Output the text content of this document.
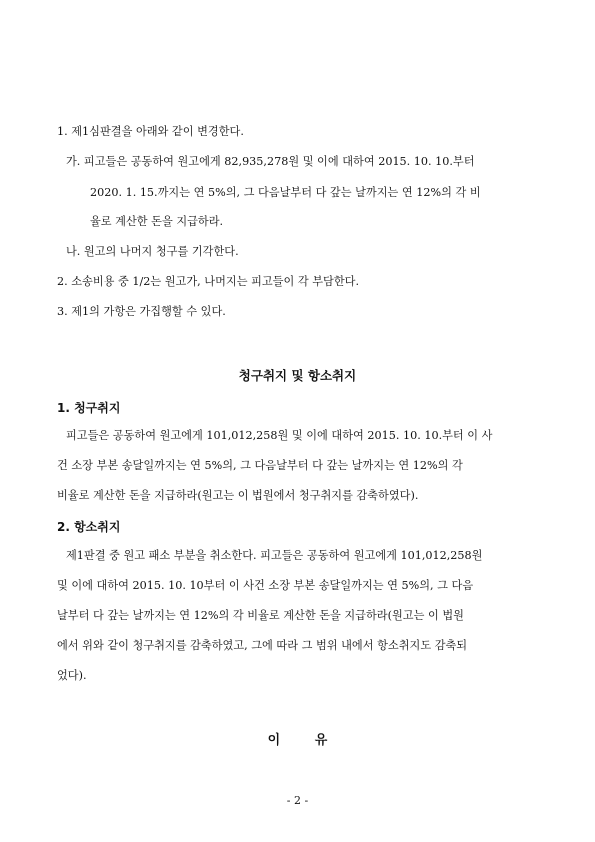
1. 제1심판결을 아래와 같이 변경한다.
가. 피고들은 공동하여 원고에게 82,935,278원 및 이에 대하여 2015. 10. 10.부터
2020. 1. 15.까지는 연 5%의, 그 다음날부터 다 갚는 날까지는 연 12%의 각 비
율로 계산한 돈을 지급하라.
나. 원고의 나머지 청구를 기각한다.
2. 소송비용 중 1/2는 원고가, 나머지는 피고들이 각 부담한다.
3. 제1의 가항은 가집행할 수 있다.
청구취지 및 항소취지
1. 청구취지
피고들은 공동하여 원고에게 101,012,258원 및 이에 대하여 2015. 10. 10.부터 이 사
건 소장 부본 송달일까지는 연 5%의, 그 다음날부터 다 갚는 날까지는 연 12%의 각
비율로 계산한 돈을 지급하라(원고는 이 법원에서 청구취지를 감축하였다).
2. 항소취지
제1판결 중 원고 패소 부분을 취소한다. 피고들은 공동하여 원고에게 101,012,258원
및 이에 대하여 2015. 10. 10부터 이 사건 소장 부본 송달일까지는 연 5%의, 그 다음
날부터 다 갚는 날까지는 연 12%의 각 비율로 계산한 돈을 지급하라(원고는 이 법원
에서 위와 같이 청구취지를 감축하였고, 그에 따라 그 범위 내에서 항소취지도 감축되
었다).
이 유
- 2 -
